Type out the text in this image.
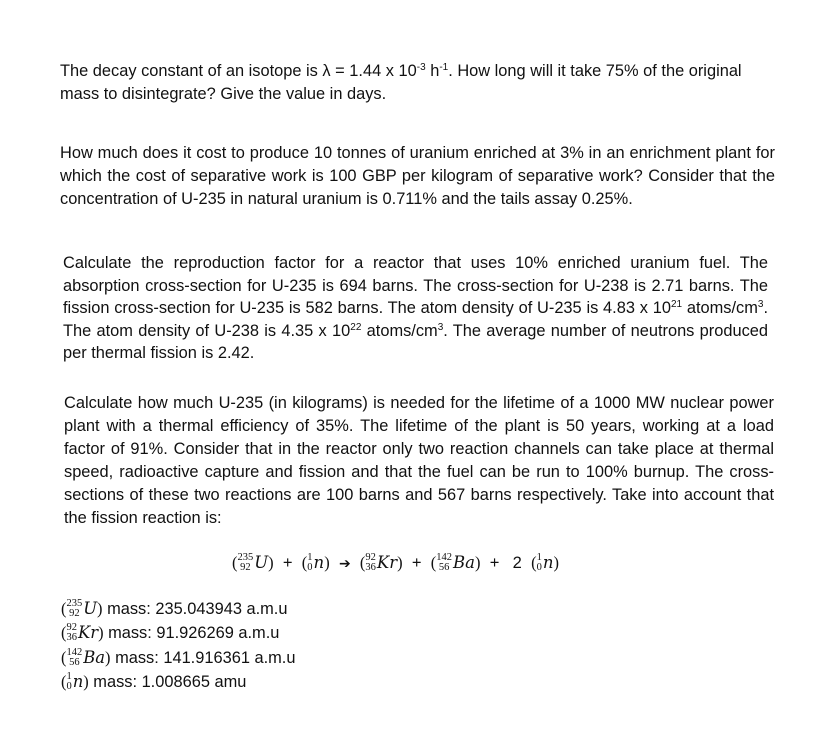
The decay constant of an isotope is λ = 1.44 x $10^{-3}$ $h^{-1}$. How long will it take 75% of the original mass to disintegrate? Give the value in days.

How much does it cost to produce 10 tonnes of uranium enriched at 3% in an enrichment plant for which the cost of separative work is 100 GBP per kilogram of separative work? Consider that the concentration of U-235 in natural uranium is 0.711% and the tails assay 0.25%.

Calculate the reproduction factor for a reactor that uses 10% enriched uranium fuel. The absorption cross-section for U-235 is 694 barns. The cross-section for U-238 is 2.71 barns. The fission cross-section for U-235 is 582 barns. The atom density of U-235 is 4.83 x $10^{21}$ atoms/$cm^3$. The atom density of U-238 is 4.35 x $10^{22}$ atoms/$cm^3$. The average number of neutrons produced per thermal fission is 2.42.

Calculate how much U-235 (in kilograms) is needed for the lifetime of a 1000 MW nuclear power plant with a thermal efficiency of 35%. The lifetime of the plant is 50 years, working at a load factor of 91%. Consider that in the reactor only two reaction channels can take place at thermal speed, radioactive capture and fission and that the fuel can be run to 100% burnup. The cross-sections of these two reactions are 100 barns and 567 barns respectively. Take into account that the fission reaction is:

( 235
92 U) + ( 1
0 n) ➔ ( 92
36 Kr) + ( 142
56 Ba) + 2 ( 1
0 n)
( 235
92 U) mass: 235.043943 a.m.u
( 92
36 Kr) mass: 91.926269 a.m.u
( 142
56 Ba) mass: 141.916361 a.m.u
( 1
0 n) mass: 1.008665 amu
